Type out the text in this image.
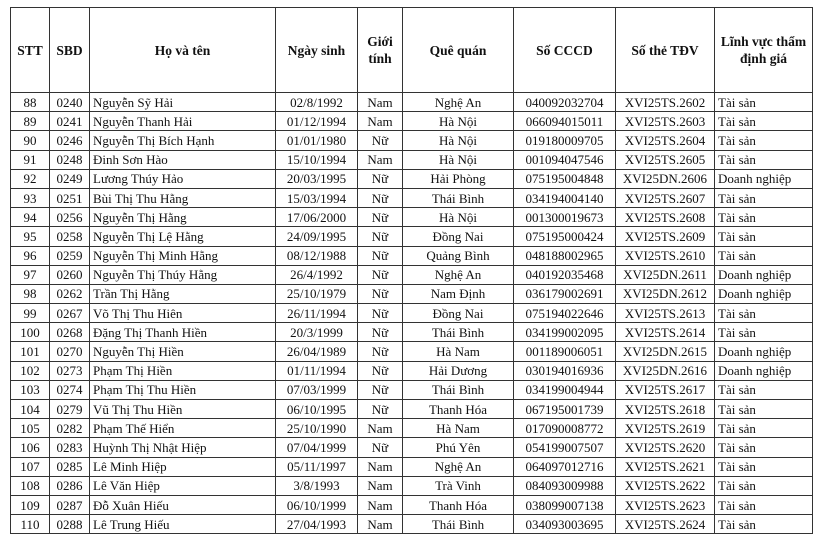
STT	SBD	Họ và tên	Ngày sinh	Giới tính	Quê quán	Số CCCD	Số thẻ TĐV	Lĩnh vực thẩm định giá
88	0240	Nguyễn Sỹ Hải	02/8/1992	Nam	Nghệ An	040092032704	XVI25TS.2602	Tài sản
89	0241	Nguyễn Thanh Hải	01/12/1994	Nam	Hà Nội	066094015011	XVI25TS.2603	Tài sản
90	0246	Nguyễn Thị Bích Hạnh	01/01/1980	Nữ	Hà Nội	019180009705	XVI25TS.2604	Tài sản
91	0248	Đinh Sơn Hào	15/10/1994	Nam	Hà Nội	001094047546	XVI25TS.2605	Tài sản
92	0249	Lương Thúy Hảo	20/03/1995	Nữ	Hải Phòng	075195004848	XVI25DN.2606	Doanh nghiệp
93	0251	Bùi Thị Thu Hằng	15/03/1994	Nữ	Thái Bình	034194004140	XVI25TS.2607	Tài sản
94	0256	Nguyễn Thị Hằng	17/06/2000	Nữ	Hà Nội	001300019673	XVI25TS.2608	Tài sản
95	0258	Nguyễn Thị Lệ Hằng	24/09/1995	Nữ	Đồng Nai	075195000424	XVI25TS.2609	Tài sản
96	0259	Nguyễn Thị Minh Hằng	08/12/1988	Nữ	Quảng Bình	048188002965	XVI25TS.2610	Tài sản
97	0260	Nguyễn Thị Thúy Hằng	26/4/1992	Nữ	Nghệ An	040192035468	XVI25DN.2611	Doanh nghiệp
98	0262	Trần Thị Hằng	25/10/1979	Nữ	Nam Định	036179002691	XVI25DN.2612	Doanh nghiệp
99	0267	Võ Thị Thu Hiên	26/11/1994	Nữ	Đồng Nai	075194022646	XVI25TS.2613	Tài sản
100	0268	Đặng Thị Thanh Hiền	20/3/1999	Nữ	Thái Bình	034199002095	XVI25TS.2614	Tài sản
101	0270	Nguyễn Thị Hiền	26/04/1989	Nữ	Hà Nam	001189006051	XVI25DN.2615	Doanh nghiệp
102	0273	Phạm Thị Hiền	01/11/1994	Nữ	Hải Dương	030194016936	XVI25DN.2616	Doanh nghiệp
103	0274	Phạm Thị Thu Hiền	07/03/1999	Nữ	Thái Bình	034199004944	XVI25TS.2617	Tài sản
104	0279	Vũ Thị Thu Hiền	06/10/1995	Nữ	Thanh Hóa	067195001739	XVI25TS.2618	Tài sản
105	0282	Phạm Thế Hiển	25/10/1990	Nam	Hà Nam	017090008772	XVI25TS.2619	Tài sản
106	0283	Huỳnh Thị Nhật Hiệp	07/04/1999	Nữ	Phú Yên	054199007507	XVI25TS.2620	Tài sản
107	0285	Lê Minh Hiệp	05/11/1997	Nam	Nghệ An	064097012716	XVI25TS.2621	Tài sản
108	0286	Lê Văn Hiệp	3/8/1993	Nam	Trà Vinh	084093009988	XVI25TS.2622	Tài sản
109	0287	Đỗ Xuân Hiếu	06/10/1999	Nam	Thanh Hóa	038099007138	XVI25TS.2623	Tài sản
110	0288	Lê Trung Hiếu	27/04/1993	Nam	Thái Bình	034093003695	XVI25TS.2624	Tài sản
